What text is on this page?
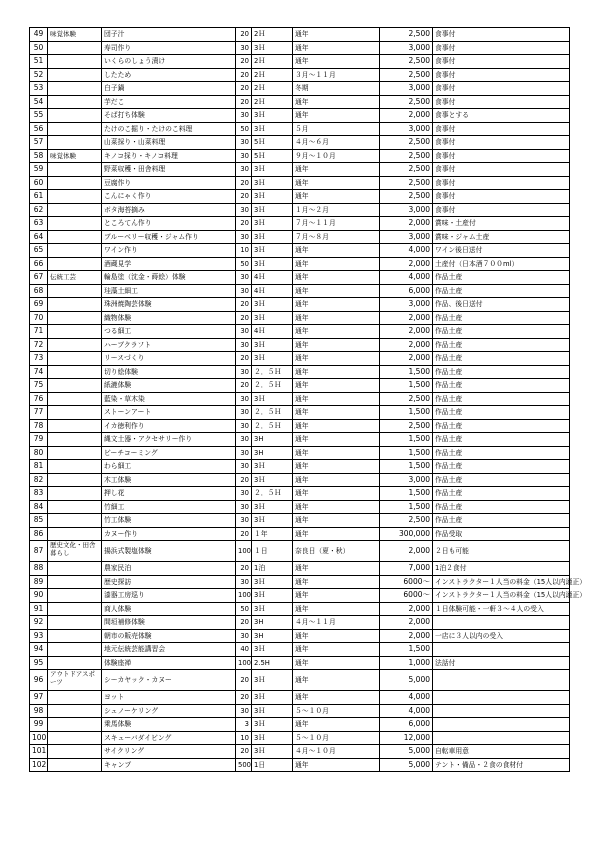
49	味覚体験	団子汁	20	2Ｈ	通年	2,500	食事付
50		寿司作り	30	3Ｈ	通年	3,000	食事付
51		いくらのしょう漬け	20	2Ｈ	通年	2,500	食事付
52		したため	20	2Ｈ	３月～１１月	2,500	食事付
53		白子鍋	20	2Ｈ	冬期	3,000	食事付
54		芋だこ	20	2Ｈ	通年	2,500	食事付
55		そば打ち体験	30	3Ｈ	通年	2,000	食事とする
56		たけのこ掘り・たけのこ料理	50	3Ｈ	５月	3,000	食事付
57		山菜採り・山菜料理	30	5Ｈ	４月～６月	2,500	食事付
58	味覚体験	キノコ採り・キノコ料理	30	5Ｈ	９月～１０月	2,500	食事付
59		野菜収穫・田舎料理	30	3Ｈ	通年	2,500	食事付
60		豆腐作り	20	3Ｈ	通年	2,500	食事付
61		こんにゃく作り	20	3Ｈ	通年	2,500	食事付
62		ボタ海苔摘み	30	3Ｈ	１月～２月	3,000	食事付
63		ところてん作り	20	3Ｈ	７月～１１月	2,000	賞味・土産付
64		ブルーベリー収穫・ジャム作り	30	3Ｈ	７月～８月	3,000	賞味・ジャム土産
65		ワイン作り	10	3Ｈ	通年	4,000	ワイン後日送付
66		酒蔵見学	50	3Ｈ	通年	2,000	土産付（日本酒７００ml）
67	伝統工芸	輪島塗（沈金・蒔絵）体験	30	4Ｈ	通年	4,000	作品土産
68		珪藻土細工	30	4Ｈ	通年	6,000	作品土産
69		珠洲焼陶芸体験	20	3Ｈ	通年	3,000	作品、後日送付
70		織物体験	20	3Ｈ	通年	2,000	作品土産
71		つる細工	30	4Ｈ	通年	2,000	作品土産
72		ハーブクラフト	30	3Ｈ	通年	2,000	作品土産
73		リースづくり	20	3Ｈ	通年	2,000	作品土産
74		切り絵体験	30	２．５Ｈ	通年	1,500	作品土産
75		紙漉体験	20	２．５Ｈ	通年	1,500	作品土産
76		藍染・草木染	30	3Ｈ	通年	2,500	作品土産
77		ストーンアート	30	２．５Ｈ	通年	1,500	作品土産
78		イカ徳利作り	30	２．５Ｈ	通年	2,500	作品土産
79		縄文土器・アクセサリー作り	30	3H	通年	1,500	作品土産
80		ビーチコーミング	30	3H	通年	1,500	作品土産
81		わら細工	30	3Ｈ	通年	1,500	作品土産
82		木工体験	20	3Ｈ	通年	3,000	作品土産
83		押し花	30	２．５Ｈ	通年	1,500	作品土産
84		竹細工	30	3Ｈ	通年	1,500	作品土産
85		竹工体験	30	3Ｈ	通年	2,500	作品土産
86		カヌー作り	20	１年	通年	300,000	作品受取
87	歴史文化・田舎暮らし	揚浜式製塩体験	100	１日	奈良日（夏・秋）	2,000	２日も可能
88		農家民泊	20	1泊	通年	7,000	1泊２食付
89		歴史探訪	30	3Ｈ	通年	6000～	インストラクター１人当の料金（15人以内適正）
90		漆器工房巡り	100	3Ｈ	通年	6000～	インストラクター１人当の料金（15人以内適正）
91		商人体験	50	3Ｈ	通年	2,000	１日体験可能・一軒３～４人の受入
92		間垣補修体験	20	3H	４月～１１月	2,000	
93		朝市の販売体験	30	3H	通年	2,000	一店に３人以内の受入
94		地元伝統芸能講習会	40	3Ｈ	通年	1,500	
95		体験座禅	100	2.5H	通年	1,000	法話付
96	アウトドアスポーツ	シーカヤック・カヌー	20	3Ｈ	通年	5,000	
97		ヨット	20	3Ｈ	通年	4,000	
98		シュノーケリング	30	3Ｈ	５～１０月	4,000	
99		乗馬体験	3	3Ｈ	通年	6,000	
100		スキューバダイビング	10	3Ｈ	５～１０月	12,000	
101		サイクリング	20	3Ｈ	４月～１０月	5,000	自転車用意
102		キャンプ	500	1日	通年	5,000	テント・備品・２食の食材付
